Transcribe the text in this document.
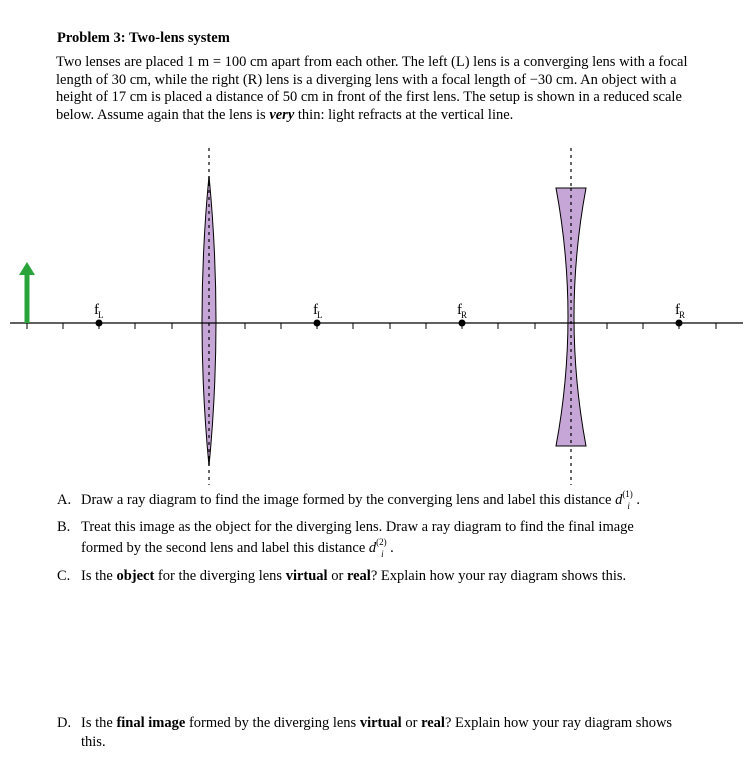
Problem 3: Two-lens system
Two lenses are placed 1 m = 100 cm apart from each other. The left (L) lens is a converging lens with a focal length of 30 cm, while the right (R) lens is a diverging lens with a focal length of −30 cm. An object with a height of 17 cm is placed a distance of 50 cm in front of the first lens. The setup is shown in a reduced scale below. Assume again that the lens is very thin: light refracts at the vertical line.
fL	fL	fR	fR
A. Draw a ray diagram to find the image formed by the converging lens and label this distance d (1)
i .
B. Treat this image as the object for the diverging lens. Draw a ray diagram to find the final image
formed by the second lens and label this distance d (2)
i .
C. Is the object for the diverging lens virtual or real? Explain how your ray diagram shows this.
D. Is the final image formed by the diverging lens virtual or real? Explain how your ray diagram shows
this.
